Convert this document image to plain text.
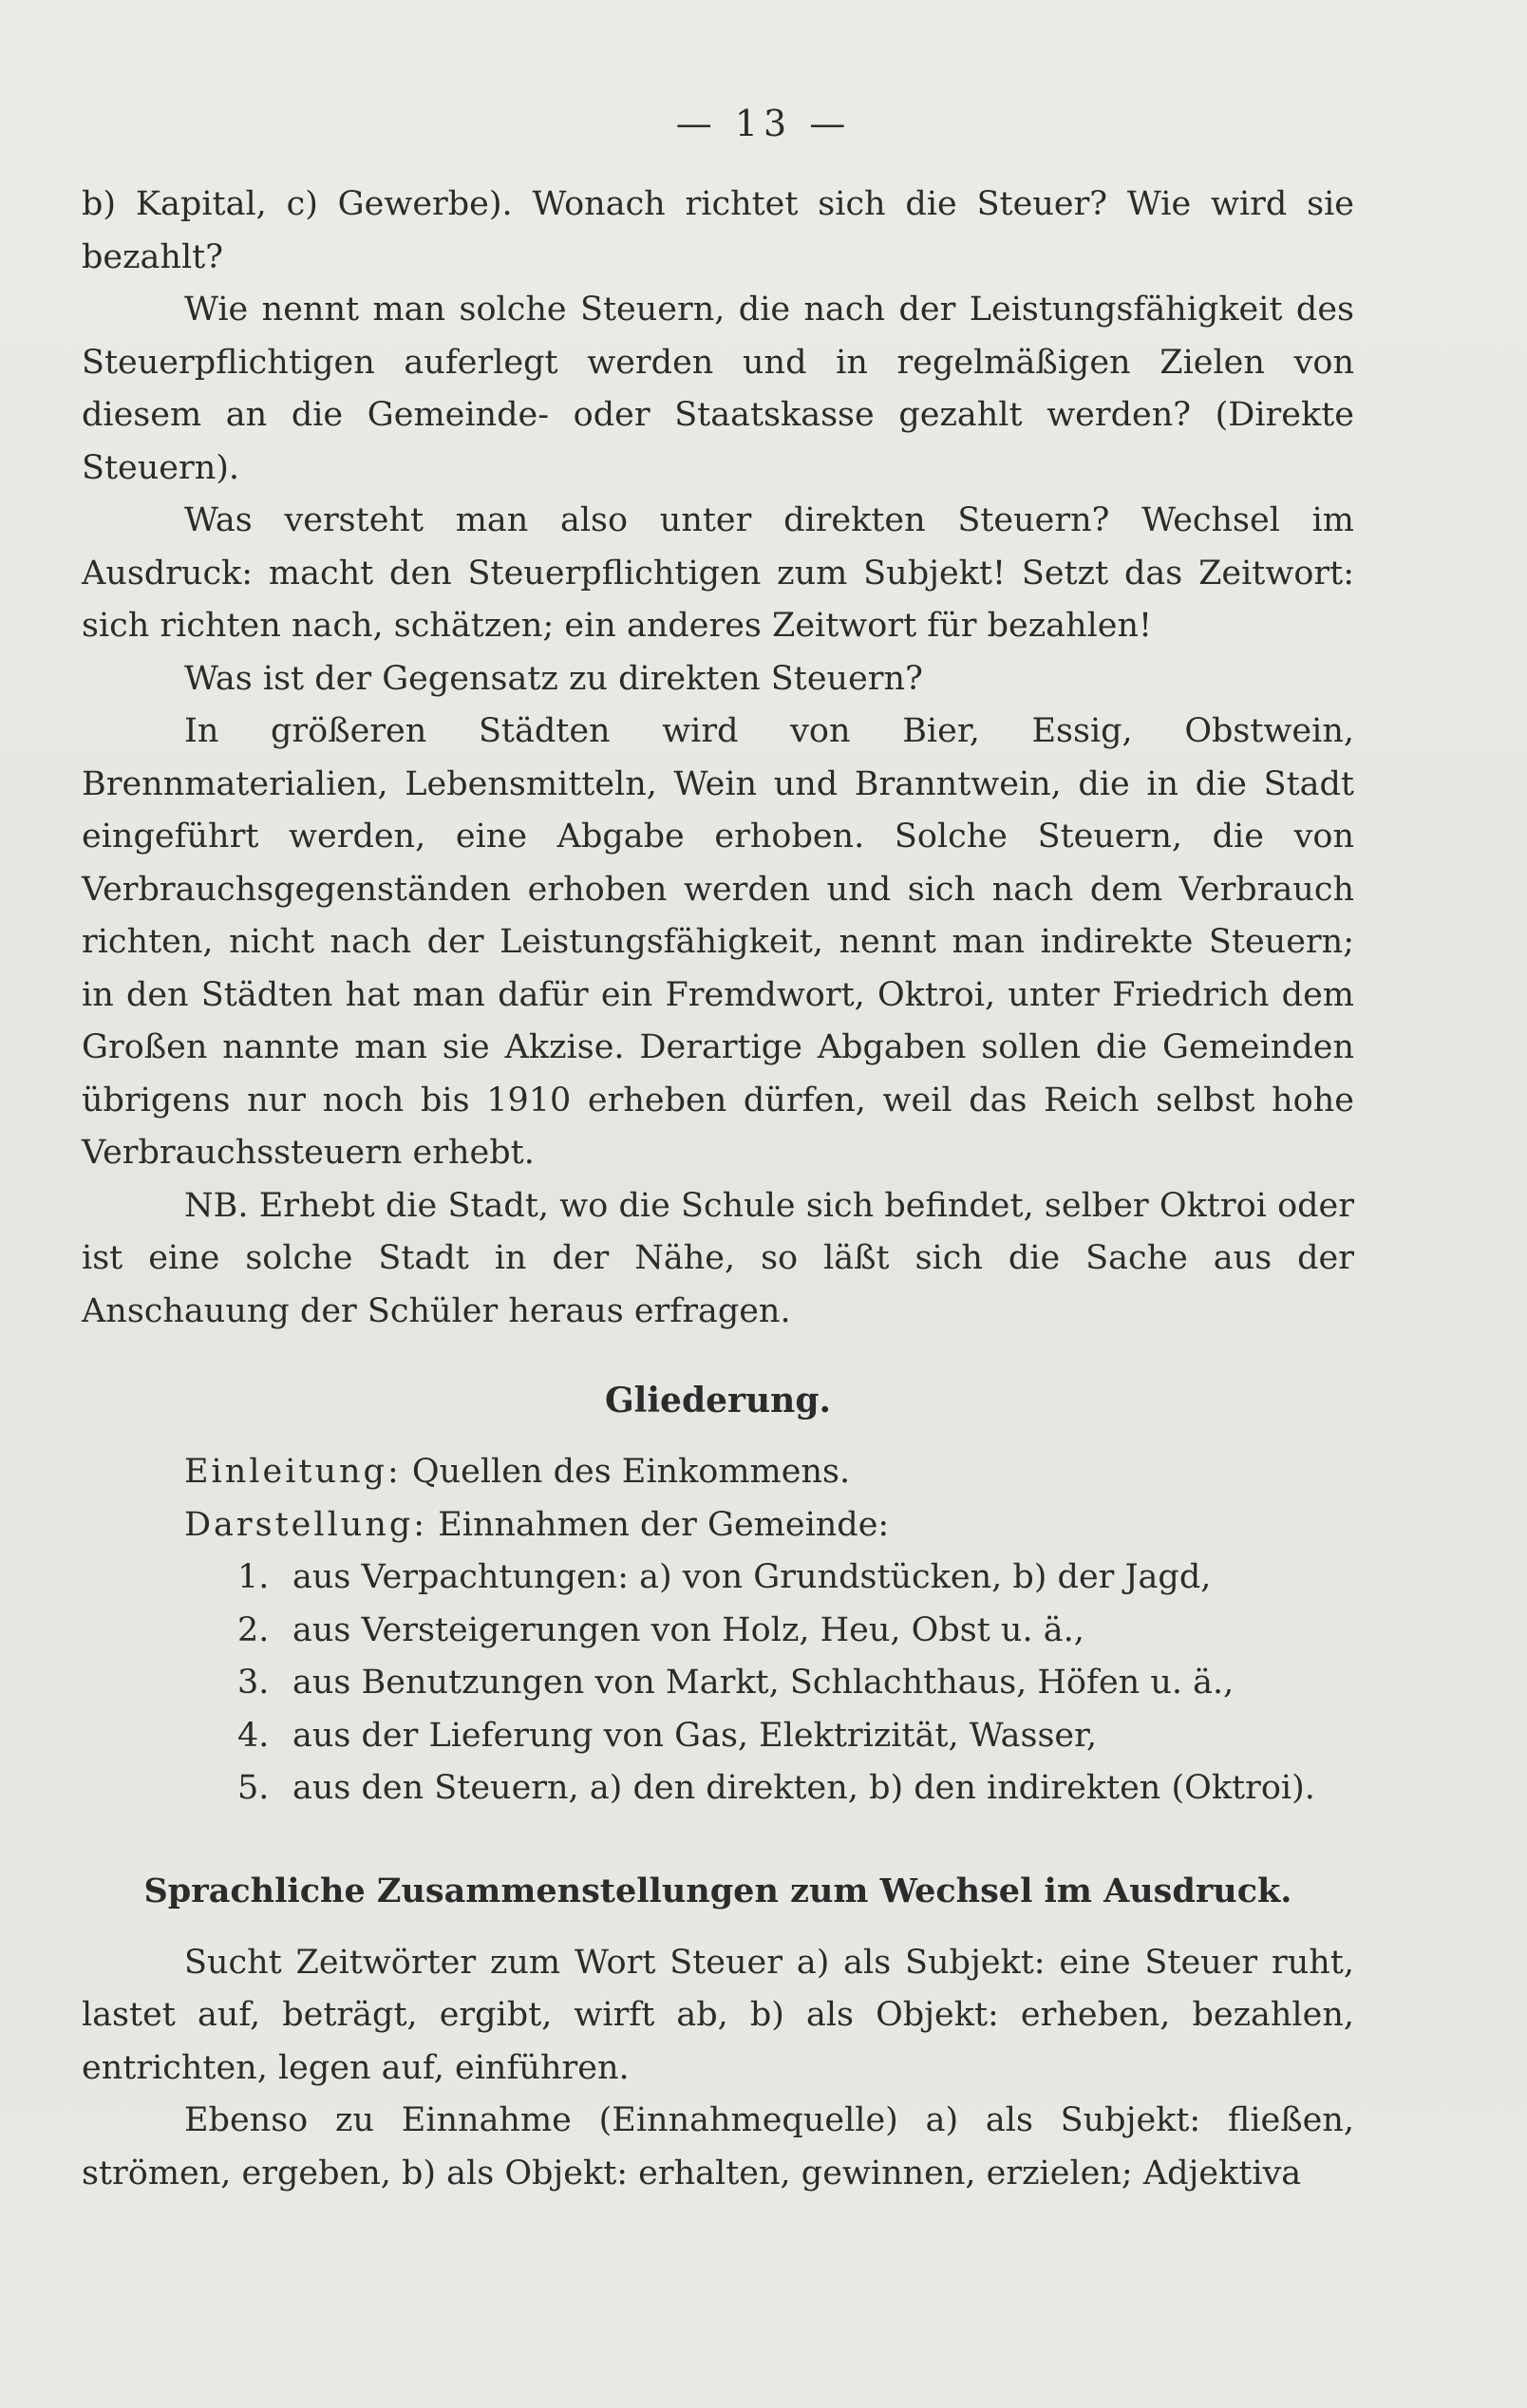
— 13 —

b) Kapital, c) Gewerbe). Wonach richtet sich die Steuer? Wie wird sie bezahlt?

Wie nennt man solche Steuern, die nach der Leistungsfähigkeit des Steuerpflichtigen auferlegt werden und in regelmäßigen Zielen von diesem an die Gemeinde- oder Staatskasse gezahlt werden? (Direkte Steuern).

Was versteht man also unter direkten Steuern? Wechsel im Ausdruck: macht den Steuerpflichtigen zum Subjekt! Setzt das Zeitwort: sich richten nach, schätzen; ein anderes Zeitwort für bezahlen!

Was ist der Gegensatz zu direkten Steuern?

In größeren Städten wird von Bier, Essig, Obstwein, Brennmaterialien, Lebensmitteln, Wein und Branntwein, die in die Stadt eingeführt werden, eine Abgabe erhoben. Solche Steuern, die von Verbrauchsgegenständen erhoben werden und sich nach dem Verbrauch richten, nicht nach der Leistungsfähigkeit, nennt man indirekte Steuern; in den Städten hat man dafür ein Fremdwort, Oktroi, unter Friedrich dem Großen nannte man sie Akzise. Derartige Abgaben sollen die Gemeinden übrigens nur noch bis 1910 erheben dürfen, weil das Reich selbst hohe Verbrauchssteuern erhebt.

NB. Erhebt die Stadt, wo die Schule sich befindet, selber Oktroi oder ist eine solche Stadt in der Nähe, so läßt sich die Sache aus der Anschauung der Schüler heraus erfragen.

Gliederung.

Einleitung: Quellen des Einkommens.

Darstellung: Einnahmen der Gemeinde:

1. aus Verpachtungen: a) von Grundstücken, b) der Jagd,
2. aus Versteigerungen von Holz, Heu, Obst u. ä.,
3. aus Benutzungen von Markt, Schlachthaus, Höfen u. ä.,
4. aus der Lieferung von Gas, Elektrizität, Wasser,
5. aus den Steuern, a) den direkten, b) den indirekten (Oktroi).
Sprachliche Zusammenstellungen zum Wechsel im Ausdruck.

Sucht Zeitwörter zum Wort Steuer a) als Subjekt: eine Steuer ruht, lastet auf, beträgt, ergibt, wirft ab, b) als Objekt: erheben, bezahlen, entrichten, legen auf, einführen.

Ebenso zu Einnahme (Einnahmequelle) a) als Subjekt: fließen, strömen, ergeben, b) als Objekt: erhalten, gewinnen, erzielen; Adjektiva
